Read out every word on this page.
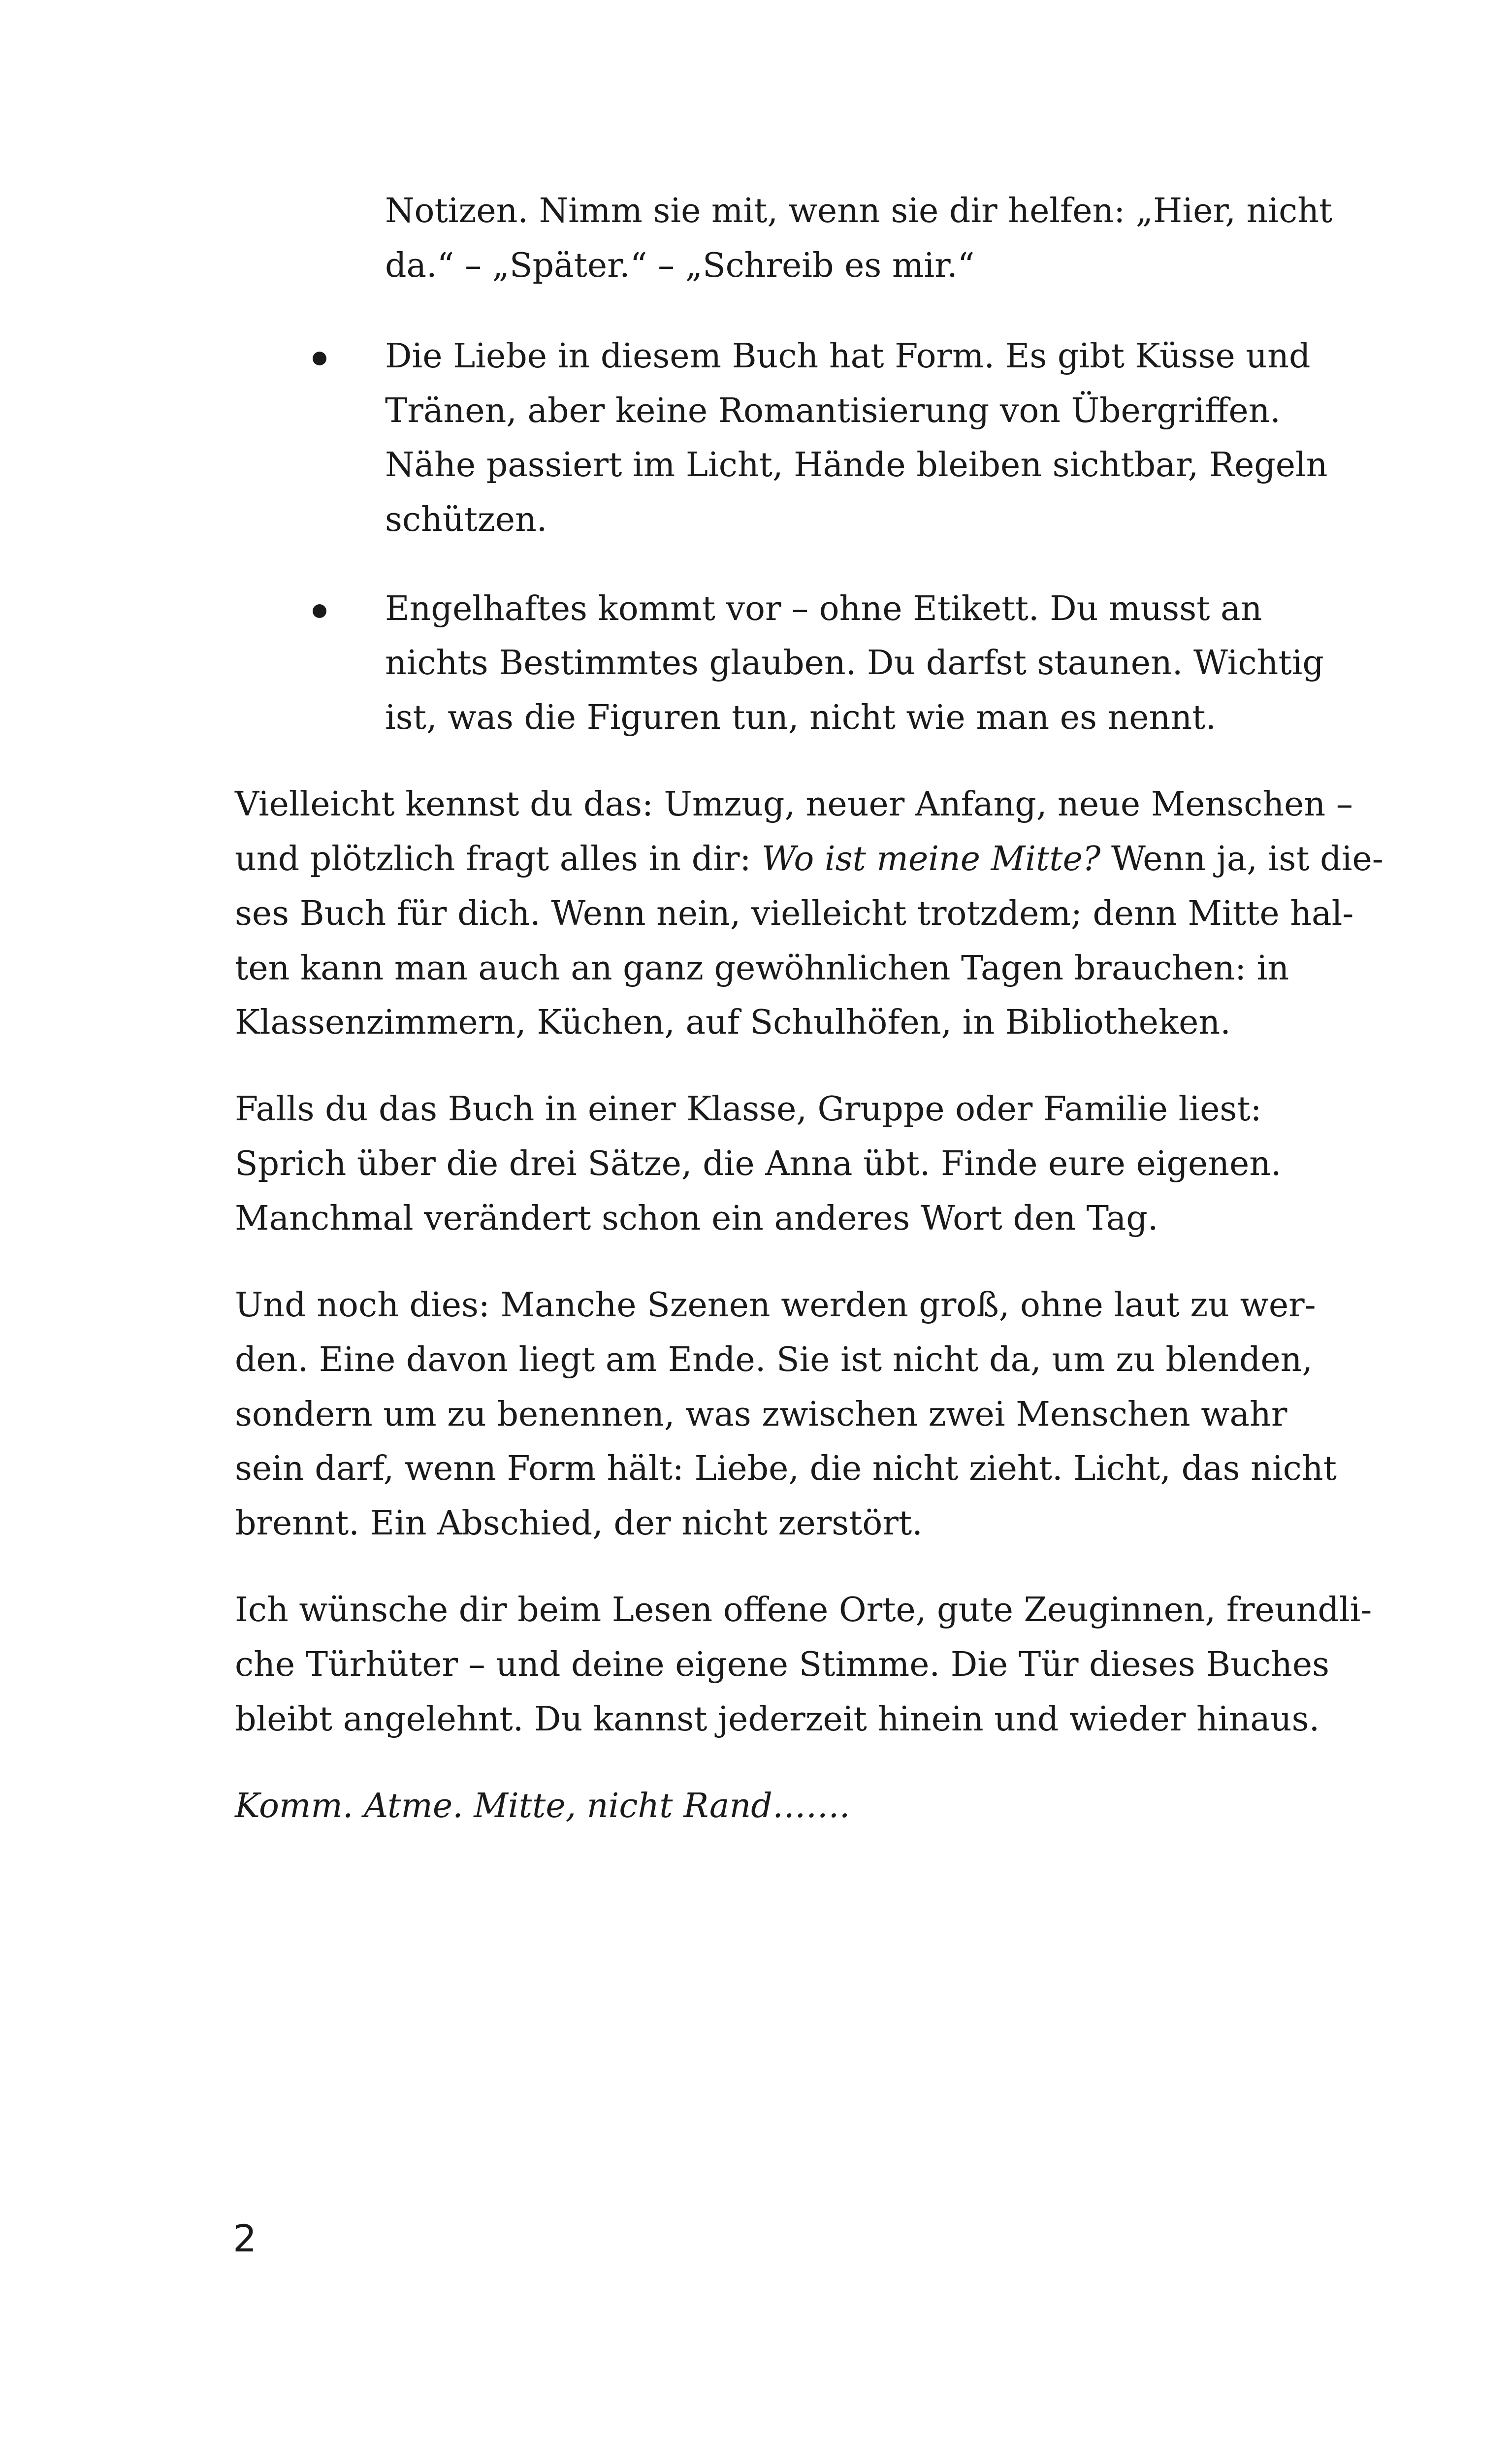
Notizen. Nimm sie mit, wenn sie dir helfen: „Hier, nicht

da.“ – „Später.“ – „Schreib es mir.“

Die Liebe in diesem Buch hat Form. Es gibt Küsse und

Tränen, aber keine Romantisierung von Übergriffen.

Nähe passiert im Licht, Hände bleiben sichtbar, Regeln

schützen.

Engelhaftes kommt vor – ohne Etikett. Du musst an

nichts Bestimmtes glauben. Du darfst staunen. Wichtig

ist, was die Figuren tun, nicht wie man es nennt.

Vielleicht kennst du das: Umzug, neuer Anfang, neue Menschen –

und plötzlich fragt alles in dir: Wo ist meine Mitte? Wenn ja, ist die-

ses Buch für dich. Wenn nein, vielleicht trotzdem; denn Mitte hal-

ten kann man auch an ganz gewöhnlichen Tagen brauchen: in

Klassenzimmern, Küchen, auf Schulhöfen, in Bibliotheken.

Falls du das Buch in einer Klasse, Gruppe oder Familie liest:

Sprich über die drei Sätze, die Anna übt. Finde eure eigenen.

Manchmal verändert schon ein anderes Wort den Tag.

Und noch dies: Manche Szenen werden groß, ohne laut zu wer-

den. Eine davon liegt am Ende. Sie ist nicht da, um zu blenden,

sondern um zu benennen, was zwischen zwei Menschen wahr

sein darf, wenn Form hält: Liebe, die nicht zieht. Licht, das nicht

brennt. Ein Abschied, der nicht zerstört.

Ich wünsche dir beim Lesen offene Orte, gute Zeuginnen, freundli-

che Türhüter – und deine eigene Stimme. Die Tür dieses Buches

bleibt angelehnt. Du kannst jederzeit hinein und wieder hinaus.

Komm. Atme. Mitte, nicht Rand…….

2
